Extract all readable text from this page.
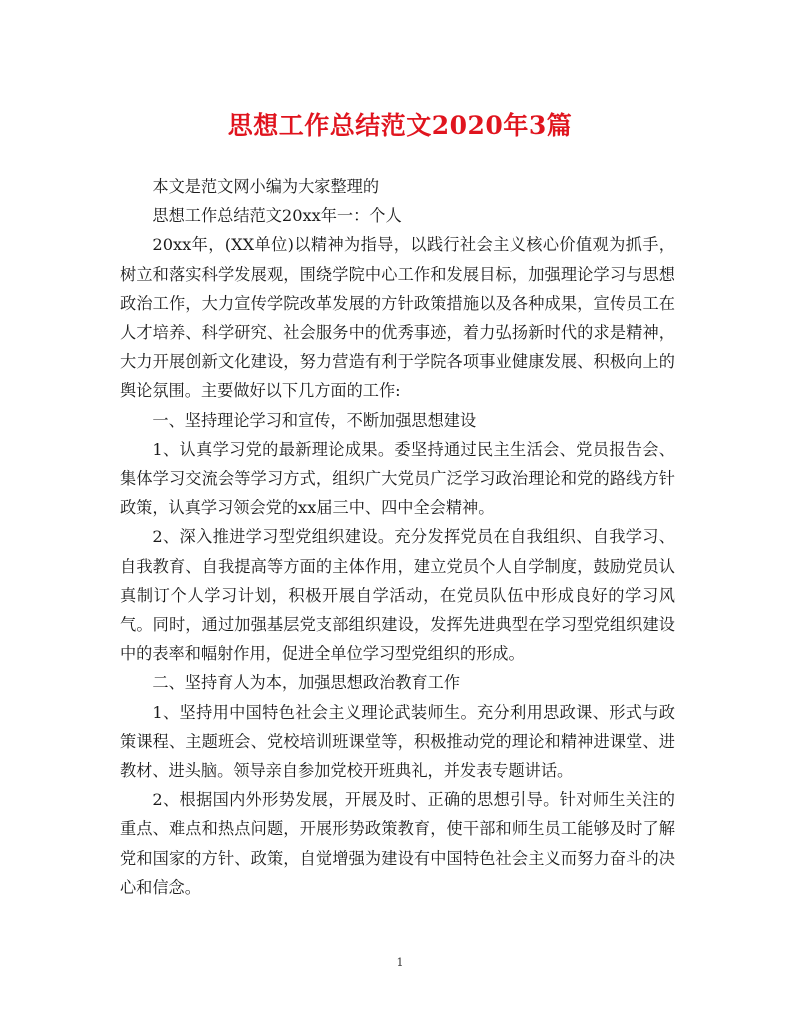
思想工作总结范文2020年3篇

本文是范文网小编为大家整理的

思想工作总结范文20xx年一：个人

20xx年，(XX单位)以精神为指导，以践行社会主义核心价值观为抓手，树立和落实科学发展观，围绕学院中心工作和发展目标，加强理论学习与思想政治工作，大力宣传学院改革发展的方针政策措施以及各种成果，宣传员工在人才培养、科学研究、社会服务中的优秀事迹，着力弘扬新时代的求是精神，大力开展创新文化建设，努力营造有利于学院各项事业健康发展、积极向上的舆论氛围。主要做好以下几方面的工作:

一、坚持理论学习和宣传，不断加强思想建设

1、认真学习党的最新理论成果。委坚持通过民主生活会、党员报告会、集体学习交流会等学习方式，组织广大党员广泛学习政治理论和党的路线方针政策，认真学习领会党的xx届三中、四中全会精神。

2、深入推进学习型党组织建设。充分发挥党员在自我组织、自我学习、自我教育、自我提高等方面的主体作用，建立党员个人自学制度，鼓励党员认真制订个人学习计划，积极开展自学活动，在党员队伍中形成良好的学习风气。同时，通过加强基层党支部组织建设，发挥先进典型在学习型党组织建设中的表率和幅射作用，促进全单位学习型党组织的形成。

二、坚持育人为本，加强思想政治教育工作

1、坚持用中国特色社会主义理论武装师生。充分利用思政课、形式与政策课程、主题班会、党校培训班课堂等，积极推动党的理论和精神进课堂、进教材、进头脑。领导亲自参加党校开班典礼，并发表专题讲话。

2、根据国内外形势发展，开展及时、正确的思想引导。针对师生关注的重点、难点和热点问题，开展形势政策教育，使干部和师生员工能够及时了解党和国家的方针、政策，自觉增强为建设有中国特色社会主义而努力奋斗的决心和信念。

1
